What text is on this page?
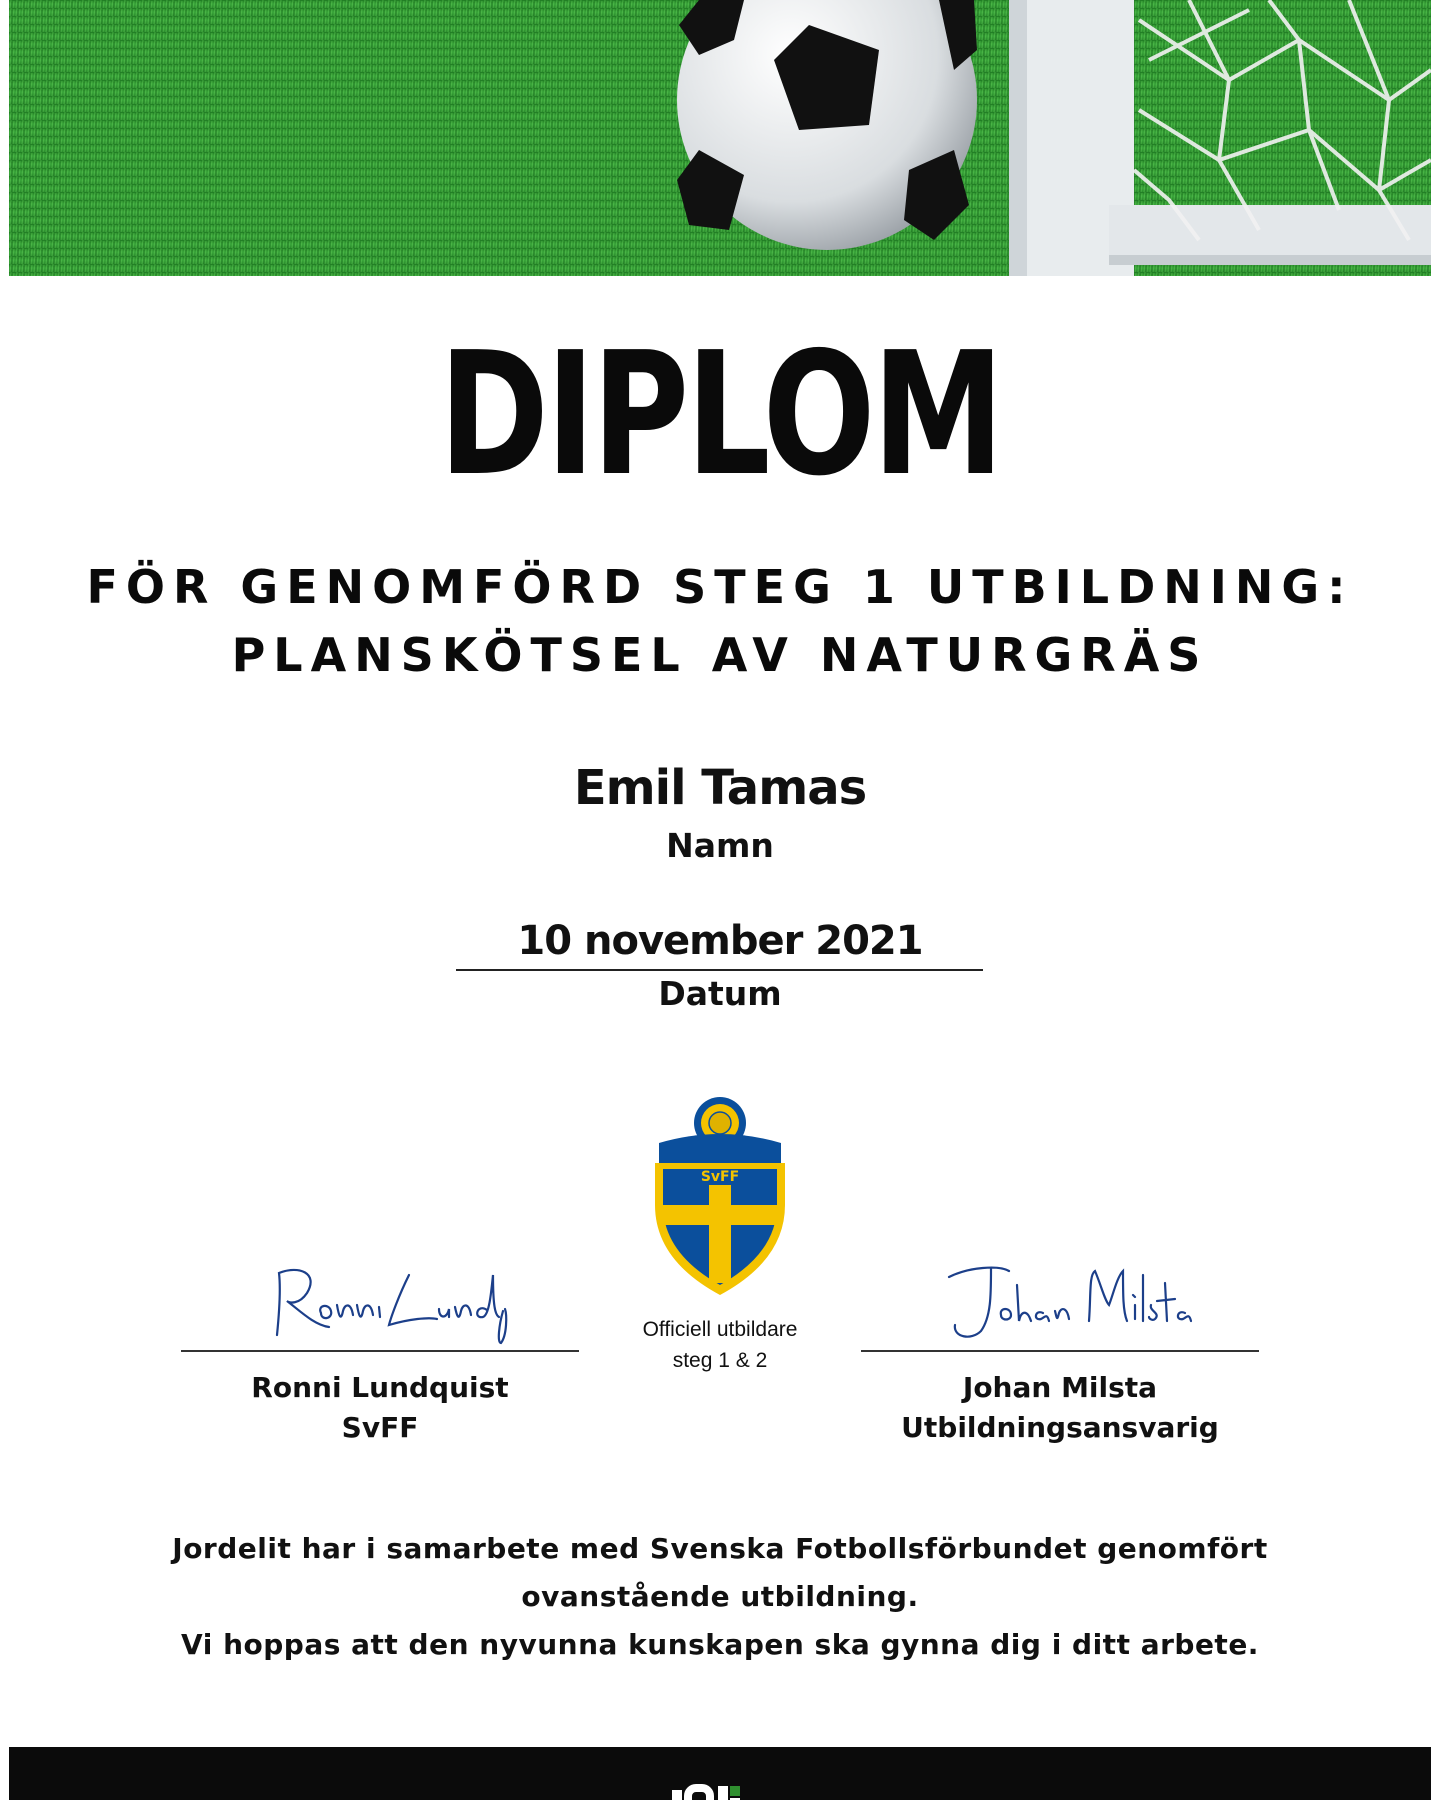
DIPLOM
FÖR GENOMFÖRD STEG 1 UTBILDNING:
PLANSKÖTSEL AV NATURGRÄS
Emil Tamas
Namn
10 november 2021
Datum
SvFF
Officiell utbildare
steg 1 & 2
Ronni Lundquist
SvFF
Johan Milsta
Utbildningsansvarig
Jordelit har i samarbete med Svenska Fotbollsförbundet genomfört
ovanstående utbildning.
Vi hoppas att den nyvunna kunskapen ska gynna dig i ditt arbete.
